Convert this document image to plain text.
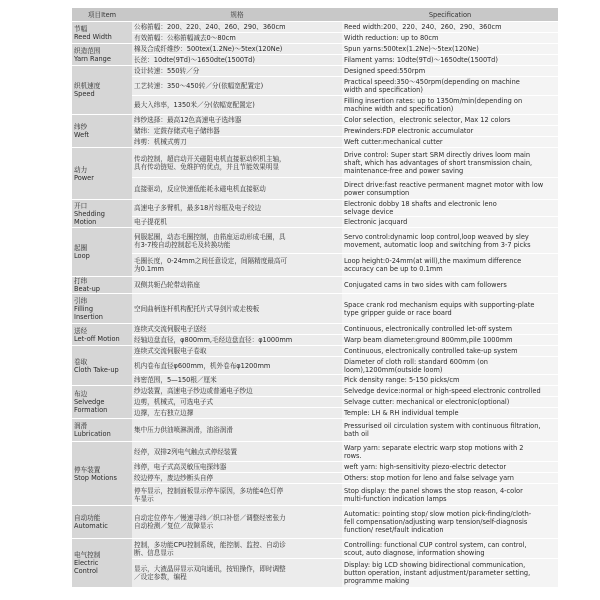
项目Item	规格	Specification

节幅
Reed Width	公称筘幅：200、220、240、260、290、360cm	Reed width:200、220、240、260、290、360cm

	有效筘幅：公称筘幅减去0～80cm	Width reduction: up to 80cm

织造范围
Yarn Range	棉及合成纤维纱：500tex(1.2Ne)～5tex(120Ne)	Spun yarns:500tex(1.2Ne)～5tex(120Ne)

	长丝：10dte(9Td)～1650dte(1500Td)	Filament yarns: 10dte(9Td)～1650dte(1500Td)

织机速度
Speed	设计转速：550转／分	Designed speed:550rpm

	工艺转速：350～450转／分(依幅宽配置定)	Practical speed:350～450rpm(depending on machine
width and specification)

	最大入纬率，1350米／分(依幅宽配置定)	Filling insertion rates: up to 1350m/min(depending on
machine width and specification)

纬纱
Weft	纬纱选择：最高12色高速电子选纬器	Color selection，electronic selector, Max 12 colors

	储纬：定鼓存储式电子储纬器	Prewinders:FDP electronic accumulator

	纬剪：机械式剪刀	Weft cutter:mechanical cutter

动力
Power	传动控制，超启动开关磁阻电机直接驱动织机主轴，
具有传动链短、免维护的优点，并且节能效果明显	Drive control: Super start SRM directly drives loom main
shaft, which has advantages of short transmission chain,
maintenance-free and power saving

	直接驱动，反应快速低能耗永磁电机直接驱动	Direct drive:fast reactive permanent magnet motor with low
power consumption

开口
Shedding
Motion	高速电子多臂机，最多18片综框及电子绞边	Electronic dobby 18 shafts and electronic leno
selvage device

	电子提花机	Electronic jacquard

起圈
Loop	伺服起圈，动态毛圈控制，由筘座运动形成毛圈，具
有3-7梭自动控制起毛及转换功能	Servo control:dynamic loop control,loop weaved by sley
movement, automatic loop and switching from 3-7 picks

	毛圈长度，0-24mm之间任意设定，间隔精度最高可
为0.1mm	Loop height:0-24mm(at will),the maximum difference
accuracy can be up to 0.1mm

打纬
Beat-up	双侧共轭凸轮带动筘座	Conjugated cams in two sides with cam followers

引纬
Filling
Insertion	空间曲柄连杆机构配托片式导剑片或走梭板	Space crank rod mechanism equips with supporting-plate
type gripper guide or race board

送经
Let-off Motion	连续式交流伺服电子送经	Continuous, electronically controlled let-off system

	经轴边盘直径，φ800mm,毛经边盘直径：φ1000mm	Warp beam diameter:ground 800mm,pile 1000mm

卷取
Cloth Take-up	连续式交流伺服电子卷取	Continuous, electronically controlled take-up system

	机内卷布直径φ600mm，机外卷布φ1200mm	Diameter of cloth roll: standard 600mm (on
loom),1200mm(outside loom)

	纬密范围，5—150根／厘米	Pick density range: 5-150 picks/cm

布边
Selvedge
Formation	纱边装置，高速电子纱边或普通电子纱边	Selvedge device:normal or high-speed electronic controlled

	边剪，机械式，可选电子式	Selvage cutter: mechanical or electronic(optional)

	边撑，左右独立边撑	Temple: LH & RH individual temple

润滑
Lubrication	集中压力供油喷淋润滑，油浴润滑	Pressurised oil circulation system with continuous filtration,
bath oil

停车装置
Stop Motions	经停，双排2列电气触点式停经装置	Warp yarn: separate electric warp stop motions with 2
rows.

	纬停，电子式高灵敏压电探纬器	weft yarn: high-sensitivity piezo-electric detector

	绞边停车，废边纱断头自停	Others: stop motion for leno and false selvage yarn

	停车显示，控制面板显示停车原因，多功能4色灯停
车显示	Stop display: the panel shows the stop reason, 4-color
multi-function indication lamps

自动功能
Automatic	自动定位停车／慢速寻纬／织口补偿／调整经密张力
自动检测／复位／故障显示	Automatic: pointing stop/ slow motion pick-finding/cloth-
fell compensation/adjusting warp tension/self-diagnosis
function/ reset/fault indication

电气控制
Electric
Control	控制，多功能CPU控制系统，能控制、监控、自动诊
断、信息显示	Controlling: functional CUP control system, can control,
scout, auto diagnose, information showing

	显示，大液晶屏显示双向通讯，按钮操作，即时调整
／设定参数，编程	Display: big LCD showing bidirectional communication,
button operation, instant adjustment/parameter setting,
programme making
